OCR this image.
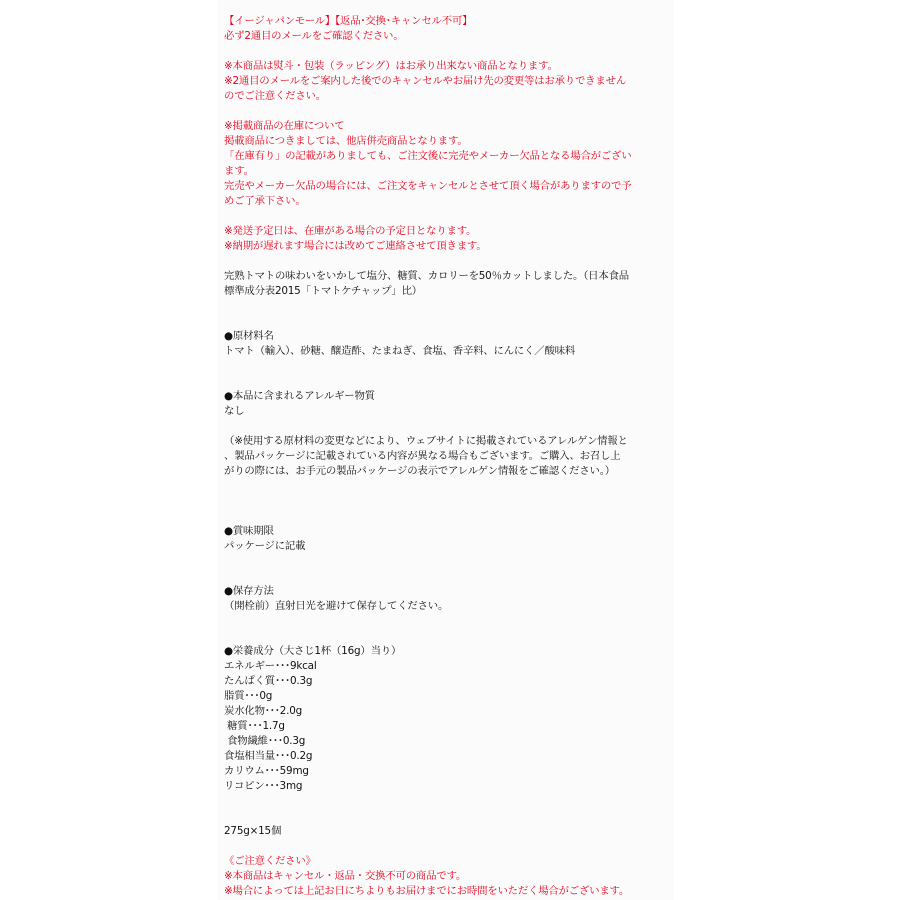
【イージャパンモール】【返品･交換･キャンセル不可】
必ず2通目のメールをご確認ください。
※本商品は熨斗・包装（ラッピング）はお承り出来ない商品となります。
※2通目のメールをご案内した後でのキャンセルやお届け先の変更等はお承りできません
のでご注意ください。
※掲載商品の在庫について
掲載商品につきましては、他店併売商品となります。
「在庫有り」の記載がありましても、ご注文後に完売やメーカー欠品となる場合がござい
ます。
完売やメーカー欠品の場合には、ご注文をキャンセルとさせて頂く場合がありますので予
めご了承下さい。
※発送予定日は、在庫がある場合の予定日となります。
※納期が遅れます場合には改めてご連絡させて頂きます。
完熟トマトの味わいをいかして塩分、糖質、カロリーを50％カットしました。（日本食品
標準成分表2015「トマトケチャップ」比）
●原材料名
トマト（輸入）、砂糖、醸造酢、たまねぎ、食塩、香辛料、にんにく／酸味料
●本品に含まれるアレルギー物質
なし
（※使用する原材料の変更などにより、ウェブサイトに掲載されているアレルゲン情報と
、製品パッケージに記載されている内容が異なる場合もございます。ご購入、お召し上
がりの際には、お手元の製品パッケージの表示でアレルゲン情報をご確認ください。）
●賞味期限
パッケージに記載
●保存方法
（開栓前）直射日光を避けて保存してください。
●栄養成分（大さじ1杯（16g）当り）
エネルギー･･･9kcal
たんぱく質･･･0.3g
脂質･･･0g
炭水化物･･･2.0g
糖質･･･1.7g
食物繊維･･･0.3g
食塩相当量･･･0.2g
カリウム･･･59mg
リコピン･･･3mg
275g×15個
《ご注意ください》
※本商品はキャンセル・返品・交換不可の商品です。
※場合によっては上記お日にちよりもお届けまでにお時間をいただく場合がございます。
